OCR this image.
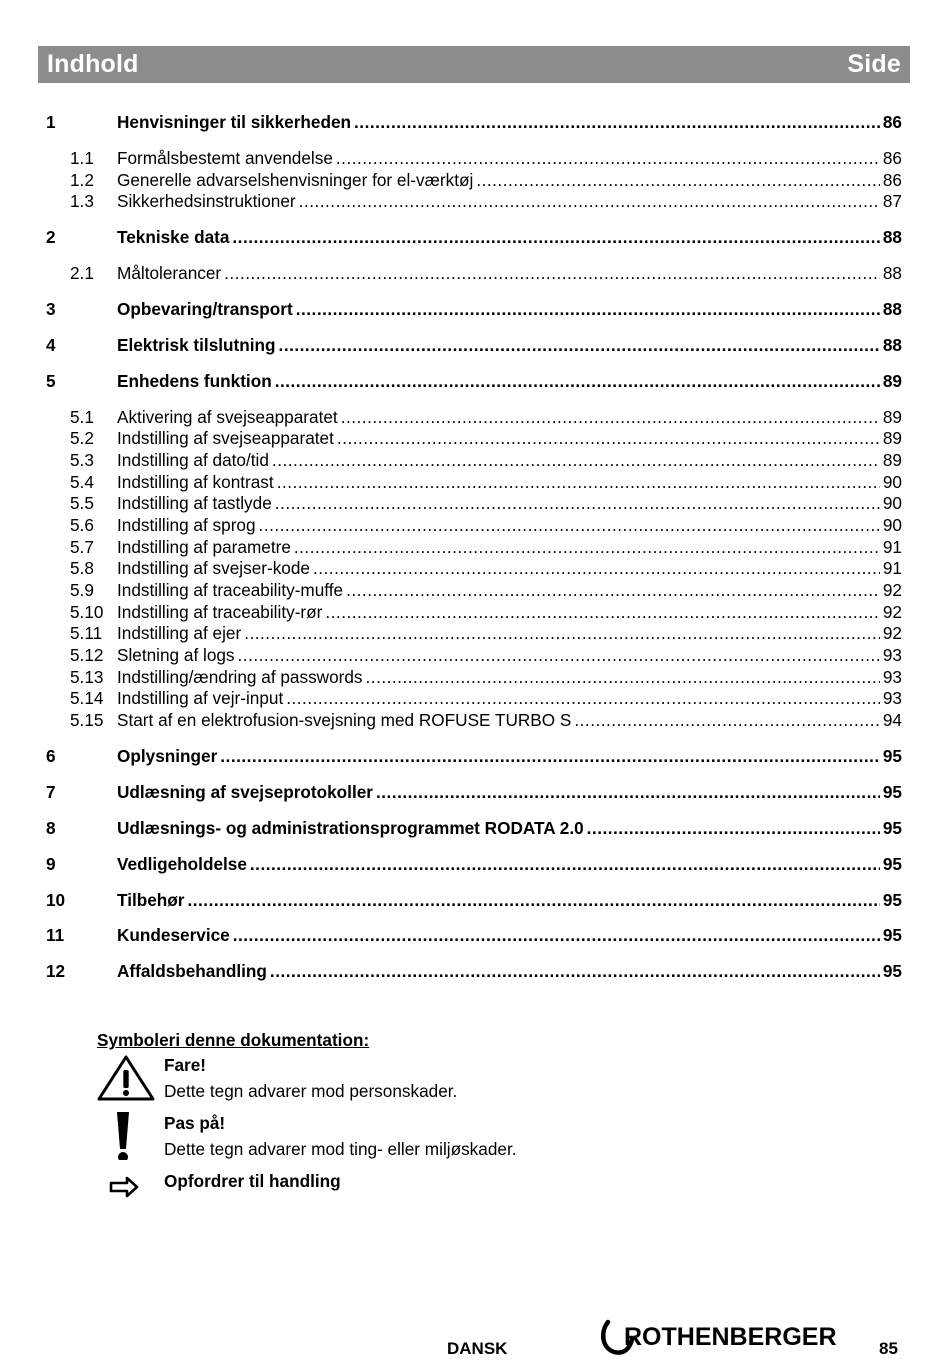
Indhold	Side
1	Henvisninger til sikkerheden .....	86
1.1	Formålsbestemt anvendelse .....	86
1.2	Generelle advarselshenvisninger for el-værktøj .....	86
1.3	Sikkerhedsinstruktioner .....	87
2	Tekniske data .....	88
2.1	Måltolerancer .....	88
3	Opbevaring/transport .....	88
4	Elektrisk tilslutning .....	88
5	Enhedens funktion .....	89
5.1	Aktivering af svejseapparatet .....	89
5.2	Indstilling af svejseapparatet .....	89
5.3	Indstilling af dato/tid .....	89
5.4	Indstilling af kontrast .....	90
5.5	Indstilling af tastlyde .....	90
5.6	Indstilling af sprog .....	90
5.7	Indstilling af parametre .....	91
5.8	Indstilling af svejser-kode .....	91
5.9	Indstilling af traceability-muffe .....	92
5.10 Indstilling af traceability-rør .....	92
5.11 Indstilling af ejer .....	92
5.12 Sletning af logs .....	93
5.13 Indstilling/ændring af passwords .....	93
5.14 Indstilling af vejr-input .....	93
5.15 Start af en elektrofusion-svejsning med ROFUSE TURBO S .....	94
6	Oplysninger .....	95
7	Udlæsning af svejseprotokoller .....	95
8	Udlæsnings- og administrationsprogrammet RODATA 2.0 .....	95
9	Vedligeholdelse .....	95
10	Tilbehør .....	95
11	Kundeservice .....	95
12	Affaldsbehandling .....	95
Symboleri denne dokumentation:
Fare!
Dette tegn advarer mod personskader.
Pas på!
Dette tegn advarer mod ting- eller miljøskader.
Opfordrer til handling
DANSK	ROTHENBERGER 85
